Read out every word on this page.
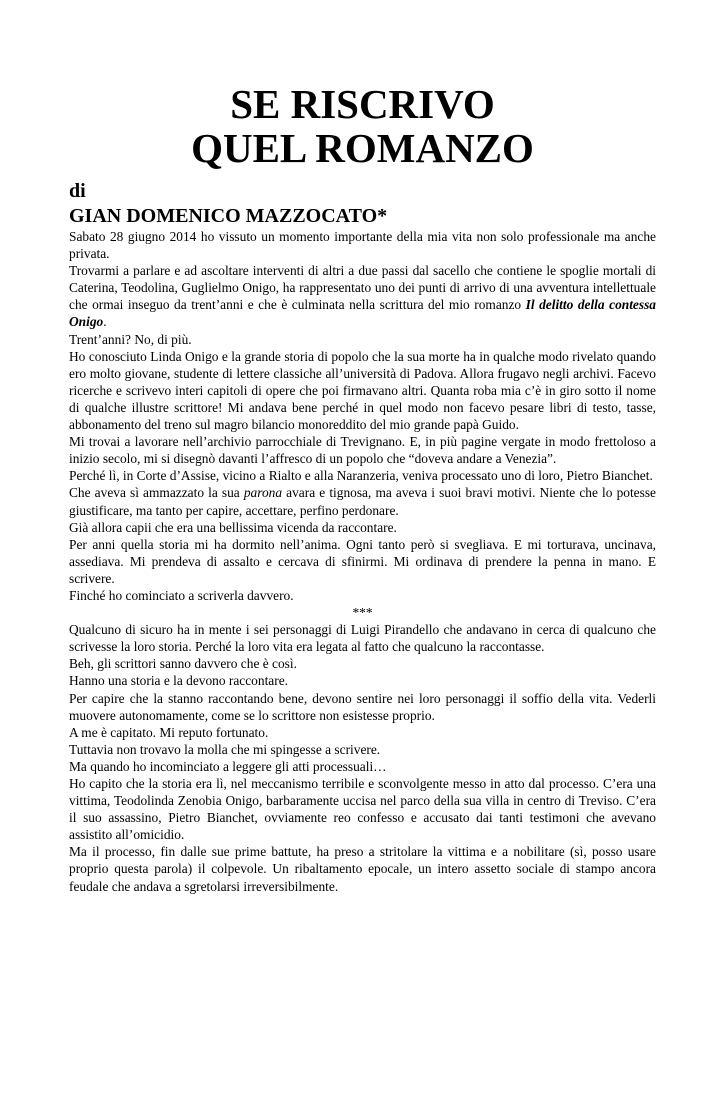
SE RISCRIVO
QUEL ROMANZO
di
GIAN DOMENICO MAZZOCATO*

Sabato 28 giugno 2014 ho vissuto un momento importante della mia vita non solo professionale ma anche privata.

Trovarmi a parlare e ad ascoltare interventi di altri a due passi dal sacello che contiene le spoglie mortali di Caterina, Teodolina, Guglielmo Onigo, ha rappresentato uno dei punti di arrivo di una avventura intellettuale che ormai inseguo da trent’anni e che è culminata nella scrittura del mio romanzo Il delitto della contessa Onigo.

Trent’anni? No, di più.

Ho conosciuto Linda Onigo e la grande storia di popolo che la sua morte ha in qualche modo rivelato quando ero molto giovane, studente di lettere classiche all’università di Padova. Allora frugavo negli archivi. Facevo ricerche e scrivevo interi capitoli di opere che poi firmavano altri. Quanta roba mia c’è in giro sotto il nome di qualche illustre scrittore! Mi andava bene perché in quel modo non facevo pesare libri di testo, tasse, abbonamento del treno sul magro bilancio monoreddito del mio grande papà Guido.

Mi trovai a lavorare nell’archivio parrocchiale di Trevignano. E, in più pagine vergate in modo frettoloso a inizio secolo, mi si disegnò davanti l’affresco di un popolo che “doveva andare a Venezia”.

Perché lì, in Corte d’Assise, vicino a Rialto e alla Naranzeria, veniva processato uno di loro, Pietro Bianchet.

Che aveva sì ammazzato la sua parona avara e tignosa, ma aveva i suoi bravi motivi. Niente che lo potesse giustificare, ma tanto per capire, accettare, perfino perdonare.

Già allora capii che era una bellissima vicenda da raccontare.

Per anni quella storia mi ha dormito nell’anima. Ogni tanto però si svegliava. E mi torturava, uncinava, assediava. Mi prendeva di assalto e cercava di sfinirmi. Mi ordinava di prendere la penna in mano. E scrivere.

Finché ho cominciato a scriverla davvero.

***

Qualcuno di sicuro ha in mente i sei personaggi di Luigi Pirandello che andavano in cerca di qualcuno che scrivesse la loro storia. Perché la loro vita era legata al fatto che qualcuno la raccontasse.

Beh, gli scrittori sanno davvero che è così.

Hanno una storia e la devono raccontare.

Per capire che la stanno raccontando bene, devono sentire nei loro personaggi il soffio della vita. Vederli muovere autonomamente, come se lo scrittore non esistesse proprio.

A me è capitato. Mi reputo fortunato.

Tuttavia non trovavo la molla che mi spingesse a scrivere.

Ma quando ho incominciato a leggere gli atti processuali…

Ho capito che la storia era lì, nel meccanismo terribile e sconvolgente messo in atto dal processo. C’era una vittima, Teodolinda Zenobia Onigo, barbaramente uccisa nel parco della sua villa in centro di Treviso. C’era il suo assassino, Pietro Bianchet, ovviamente reo confesso e accusato dai tanti testimoni che avevano assistito all’omicidio.

Ma il processo, fin dalle sue prime battute, ha preso a stritolare la vittima e a nobilitare (sì, posso usare proprio questa parola) il colpevole. Un ribaltamento epocale, un intero assetto sociale di stampo ancora feudale che andava a sgretolarsi irreversibilmente.
